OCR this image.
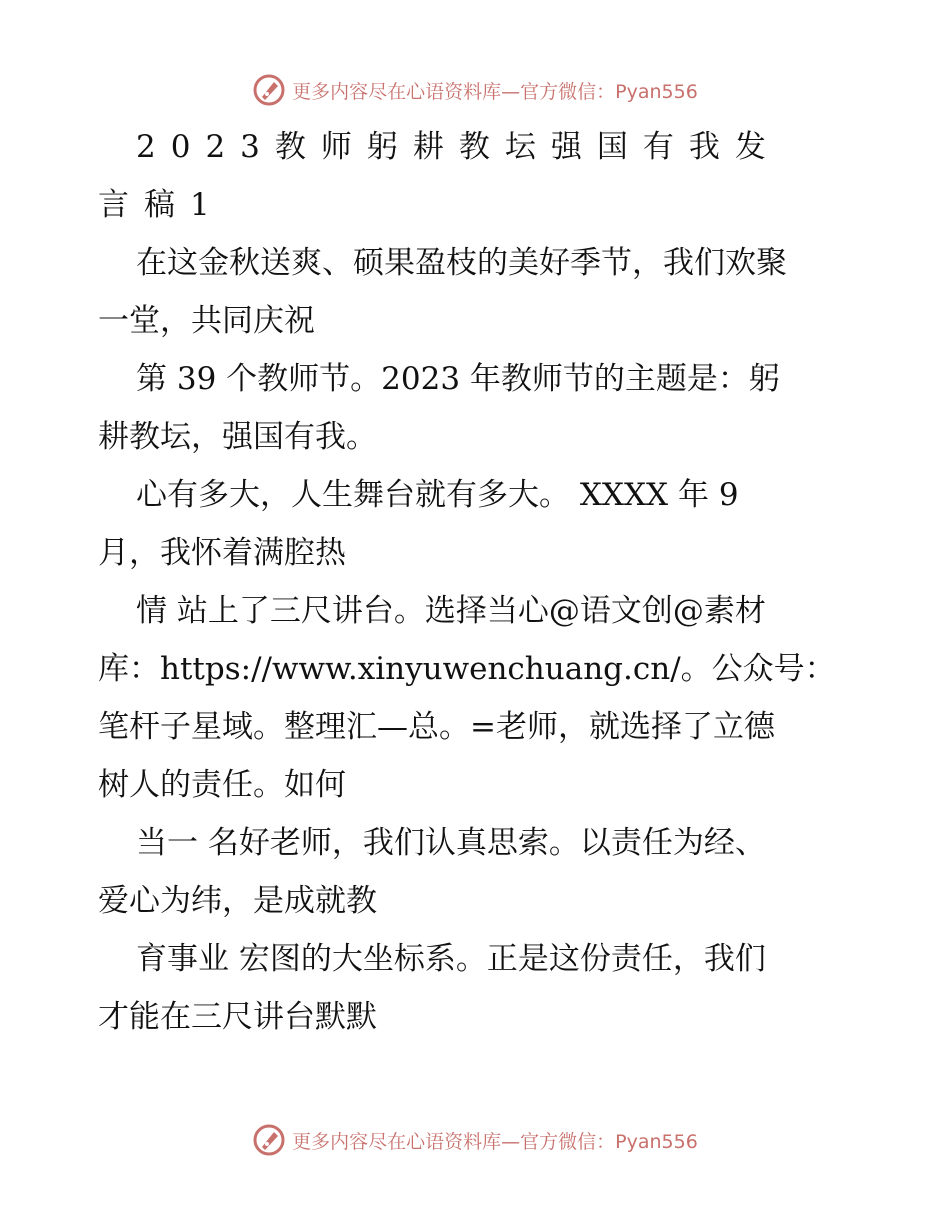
更多内容尽在心语资料库—官方微信：Pyan556
2023教师躬耕教坛强国有我发
言稿1
在这金秋送爽、硕果盈枝的美好季节，我们欢聚
一堂，共同庆祝
第 39 个教师节。2023 年教师节的主题是：躬
耕教坛，强国有我。
心有多大，人生舞台就有多大。 XXXX 年 9
月，我怀着满腔热
情 站上了三尺讲台。选择当心@语文创@素材
库：https://www.xinyuwenchuang.cn/。公众号：
笔杆子星域。整理汇—总。=老师，就选择了立德
树人的责任。如何
当一 名好老师，我们认真思索。以责任为经、
爱心为纬，是成就教
育事业 宏图的大坐标系。正是这份责任，我们
才能在三尺讲台默默
更多内容尽在心语资料库—官方微信：Pyan556
